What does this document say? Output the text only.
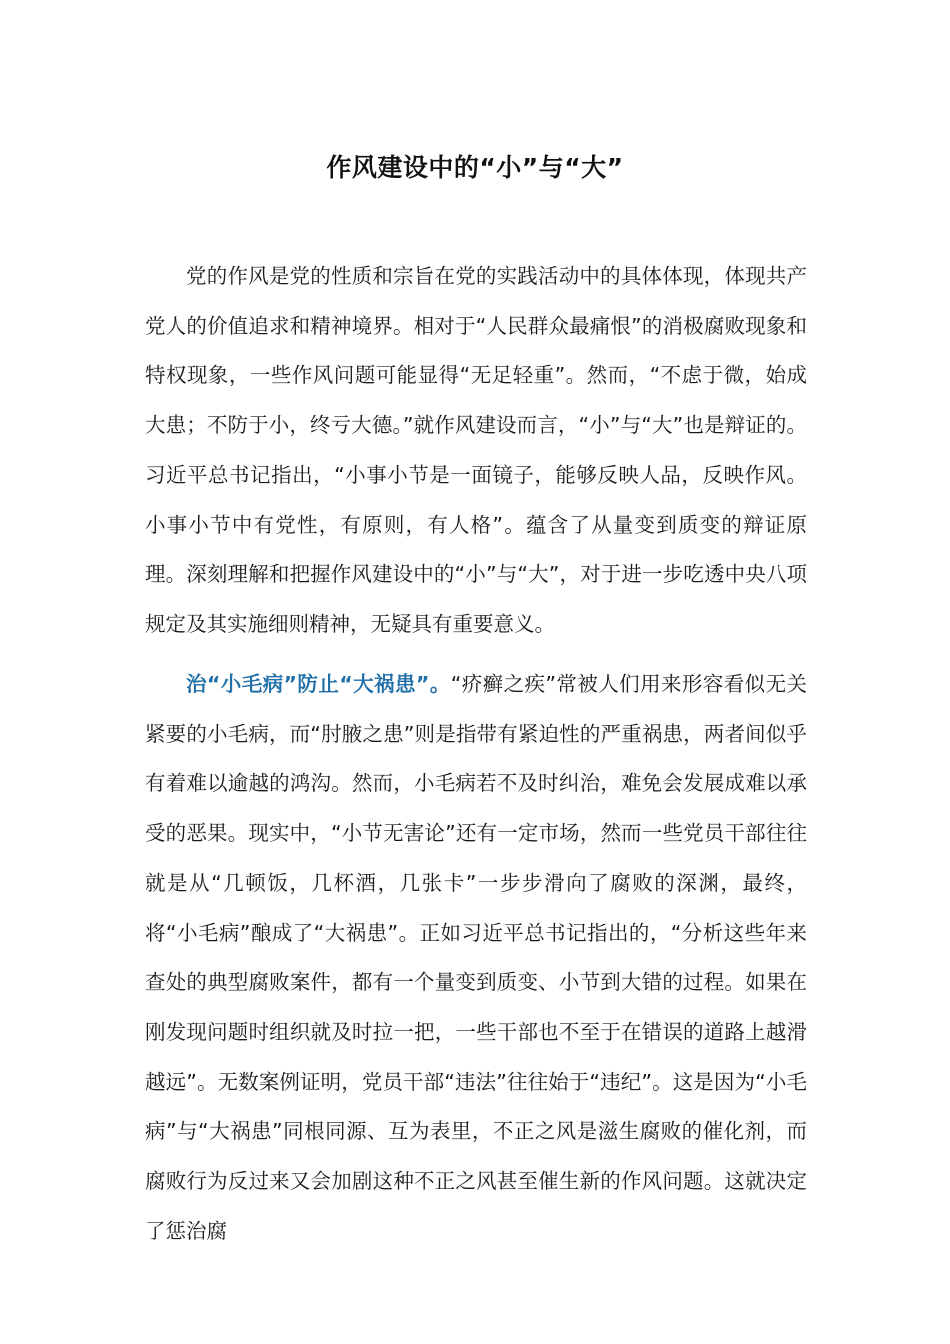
作风建设中的“小”与“大”

党的作风是党的性质和宗旨在党的实践活动中的具体体现，体现共产党人的价值追求和精神境界。相对于“人民群众最痛恨”的消极腐败现象和特权现象，一些作风问题可能显得“无足轻重”。然而，“不虑于微，始成大患；不防于小，终亏大德。”就作风建设而言，“小”与“大”也是辩证的。习近平总书记指出，“小事小节是一面镜子，能够反映人品，反映作风。小事小节中有党性，有原则，有人格”。蕴含了从量变到质变的辩证原理。深刻理解和把握作风建设中的“小”与“大”，对于进一步吃透中央八项规定及其实施细则精神，无疑具有重要意义。

治“小毛病”防止“大祸患”。“疥癣之疾”常被人们用来形容看似无关紧要的小毛病，而“肘腋之患”则是指带有紧迫性的严重祸患，两者间似乎有着难以逾越的鸿沟。然而，小毛病若不及时纠治，难免会发展成难以承受的恶果。现实中，“小节无害论”还有一定市场，然而一些党员干部往往就是从“几顿饭，几杯酒，几张卡”一步步滑向了腐败的深渊，最终，将“小毛病”酿成了“大祸患”。正如习近平总书记指出的，“分析这些年来查处的典型腐败案件，都有一个量变到质变、小节到大错的过程。如果在刚发现问题时组织就及时拉一把，一些干部也不至于在错误的道路上越滑越远”。无数案例证明，党员干部“违法”往往始于“违纪”。这是因为“小毛病”与“大祸患”同根同源、互为表里，不正之风是滋生腐败的催化剂，而腐败行为反过来又会加剧这种不正之风甚至催生新的作风问题。这就决定了惩治腐
